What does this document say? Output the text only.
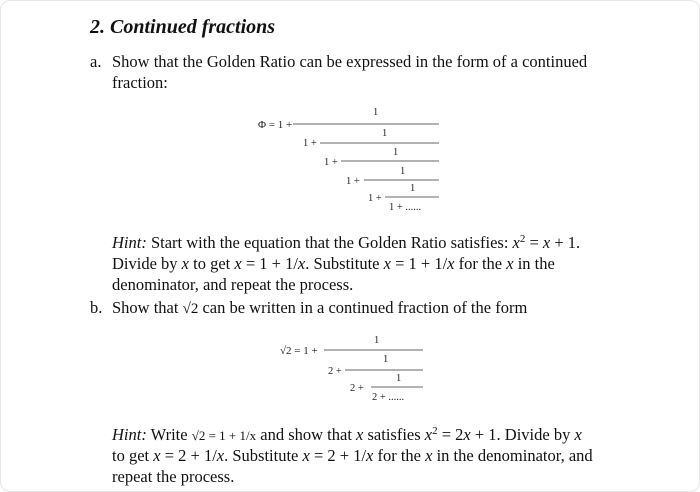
2. Continued fractions
a. Show that the Golden Ratio can be expressed in the form of a continued
fraction:
1
Φ = 1 +
1
1 +
1
1 +
1
1 +
1
1 +
1 + ......
Hint: Start with the equation that the Golden Ratio satisfies: $x^2 = x + 1$.
Divide by x to get x = 1 + 1/x. Substitute x = 1 + 1/x for the x in the
denominator, and repeat the process.
b. Show that √2 can be written in a continued fraction of the form
1
√2 = 1 +
1
2 +
1
2 +
2 + ......
Hint: Write √2 = 1 + 1/x and show that x satisfies $x^2 = 2x + 1$. Divide by x
to get x = 2 + 1/x. Substitute x = 2 + 1/x for the x in the denominator, and
repeat the process.
